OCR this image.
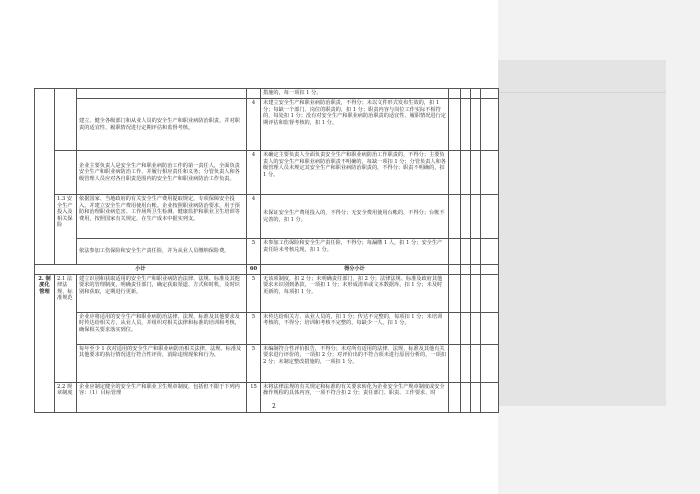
				措施的，每一项扣 1 分。				
		建立、健全各级部门和从业人员的安全生产和职业病防治职责，并对职责的适宜性、履职情况进行定期评估和监督考核。	4	未建立安全生产和职业病防治职责，不得分；未以文件形式发布生效的，扣 1 分；每缺一个部门、岗位的职责的，扣 1 分；职责内容与岗位工作实际不相符的，每处扣 1 分；没有对安全生产和职业病防治职责的适宜性、履职情况进行定期评估和监督考核的，扣 1 分。				
		企业主要负责人是安全生产和职业病防治工作的第一责任人，全面负责安全生产和职业病防治工作，并履行相应责任和义务；分管负责人和各级管理人员应对各自职责范围内的安全生产和职业病防治工作负责。	4	未确定主要负责人全面负责安全生产和职业病防治工作职责的，不得分；主要负责人的安全生产和职业病防治职责不明确的，每缺一项扣 1 分；分管负责人和各级管理人员未规定其安全生产和职业病防治职责的，不得分；职责不明确的，扣 1 分。				
	1.3 安全生产投入及相关保险	依据国家、当地政府的有关安全生产费用提取规定，专项保障安全投入，并建立安全生产费用使用台帐。企业按照职业病防治要求，用于预防和治理职业病危害、工作场所卫生检测、健康监护和职业卫生培训等费用，按照国家有关规定，在生产成本中据实列支。	4	未保证安全生产费用投入的，不得分；无安全费用使用台帐的，不得分；台帐不完善的，扣 1 分。				
		依法参加工伤保险和安全生产责任险，并为从业人员缴纳保险费。	5	未参加工伤保险和安全生产责任险，不得分；每漏缴 1 人，扣 1 分；安全生产责任险未考核兑现，扣 1 分。				
小计			60	得分小计				
2. 制度化管理	2.1 法律法规、标准规范	建立识别和获取适用的安全生产和职业病防治法律、法规、标准及其他要求的管理制度，明确责任部门，确定获取渠道、方式和时机，及时识别和获取，定期进行更新。	5	无该项制度，扣 2 分；未明确责任部门，扣 2 分；法律法规、标准及政府其他要求未识别到条款，一项扣 1 分；未形成清单或文本数据库，扣 1 分；未及时更新的，每项扣 1 分。				
		企业应将适用的安全生产和职业病防治法律、法规、标准及其他要求及时传达给相关方，从业人员，并组织对相关法律和标准的培训和考核，确保相关要求落实到位。	5	未传达给相关方、从业人员的，扣 1 分；传达不完整的，每项扣 1 分；未培训考核的，不得分；培训和考核不完整的，每缺少一人，扣 1 分。				
		每年至少 1 次对适用的安全生产和职业病防治相关法律、法规、标准及其他要求的执行情况进行符合性评价，消除违规现象和行为。	5	未编制符合性评价报告，不得分；未对所有适用的法律、法规、标准及其他有关要求进行评价的，一项扣 2 分；对评价出的不符合项未进行原因分析的，一项扣 2 分；未制定整改措施的，一项扣 1 分。				
	2.2 规章制度	企业应制定健全的安全生产和职业卫生规章制度，包括但不限于下列内容：（1）目标管理	15	未将法律法规的有关规定和标准的有关要求转化为企业安全生产规章制度或安全操作规程的具体内容，一项不符合扣 2 分；责任部门、职责、工作要求、时				
2
